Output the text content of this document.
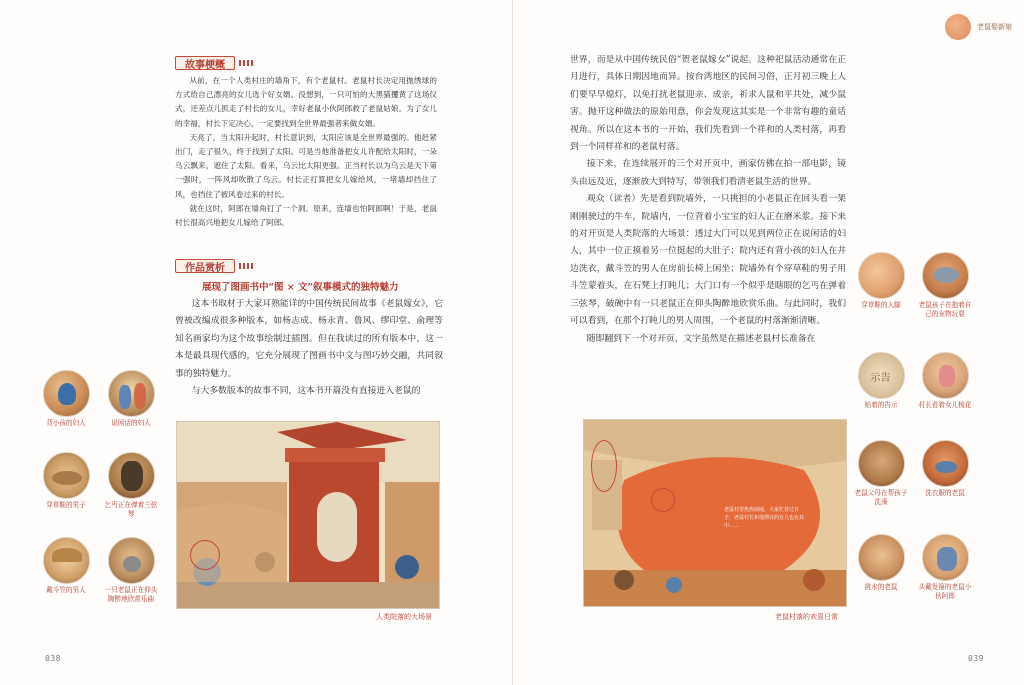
故事梗概

从前，在一个人类村庄的墙角下，有个老鼠村。老鼠村长决定用抛绣球的方式给自己漂亮的女儿选个好女婿。没想到，一只可怕的大黑猫攫黄了这场仪式，还差点儿抓走了村长的女儿，幸好老鼠小伙阿郎救了老鼠姑娘。为了女儿的幸福，村长下定决心，一定要找到全世界最强者来做女婿。

天亮了，当太阳升起时，村长意识到，太阳应该是全世界最强的。他赶紧出门，走了很久，终于找到了太阳。可是当他准备把女儿许配给太阳时，一朵乌云飘来，遮住了太阳。看来，乌云比太阳更强。正当村长以为乌云是天下第一强时，一阵风却吹散了乌云。村长正打算把女儿嫁给风，一堵墙却挡住了风，也挡住了被风卷过来的村长。

就在这时，阿郎在墙角打了一个洞。原来，连墙也怕阿郎啊！于是，老鼠村长很高兴地把女儿嫁给了阿郎。

作品赏析
展现了图画书中“图 × 文”叙事模式的独特魅力

这本书取材于大家耳熟能详的中国传统民间故事《老鼠嫁女》，它曾被改编成很多种版本，如杨志成、杨永青、鲁风、缪印堂、俞理等知名画家均为这个故事绘制过插图。但在我读过的所有版本中，这一本是最具现代感的，它充分展现了图画书中文与图巧妙交融，共同叙事的独特魅力。

与大多数版本的故事不同，这本书开篇没有直接进入老鼠的

背小孩的妇人	说闲话的妇人
穿草鞋的男子	乞丐正在弹着三弦琴
戴斗笠的男人	一只老鼠正在仰头陶醉地欣赏乐曲
人类院落的大场景
038
老鼠娶新娘

世界，而是从中国传统民俗“贺老鼠嫁女”说起。这种祀鼠活动通常在正月进行，具体日期因地而异。按台湾地区的民间习俗，正月初三晚上人们要早早熄灯，以免打扰老鼠迎亲、成亲，祈求人鼠和平共处，减少鼠害。抛开这种做法的原始用意，你会发现这其实是一个非常有趣的童话视角。所以在这本书的一开始，我们先看到一个祥和的人类村落，再看到一个同样祥和的老鼠村落。

接下来，在连续展开的三个对开页中，画家仿佛在拍一部电影，镜头由远及近，逐渐放大到特写，带领我们看清老鼠生活的世界。

观众（读者）先是看到院墙外，一只挑担的小老鼠正在回头看一架刚刚驶过的牛车，院墙内，一位背着小宝宝的妇人正在磨米浆。接下来的对开页是人类院落的大场景：透过大门可以见到两位正在说闲话的妇人，其中一位正摸着另一位挺起的大肚子；院内还有背小孩的妇人在井边洗衣，戴斗笠的男人在房前长椅上闲坐；院墙外有个穿草鞋的男子用斗笠蒙着头，在石凳上打盹儿；大门口有一个似乎是瞎眼的乞丐在弹着三弦琴，破碗中有一只老鼠正在仰头陶醉地欣赏乐曲。与此同时，我们可以看到，在那个打盹儿的男人周围，一个老鼠的村落渐渐清晰。

随即翻到下一个对开页，文字虽然是在描述老鼠村长准备在

穿草鞋的人脚	老鼠孩子在抱着自己的宠物玩耍
示告
贴着的告示	村长看着女儿梳花
老鼠父母在帮孩子洗澡
洗衣服的老鼠
挑水的老鼠	头戴发箍的老鼠小伙阿郎
老鼠村里热热闹闹，大家忙着过日子，老鼠村长和他漂亮的女儿也在其中……
老鼠村落的欢喜日常
039
